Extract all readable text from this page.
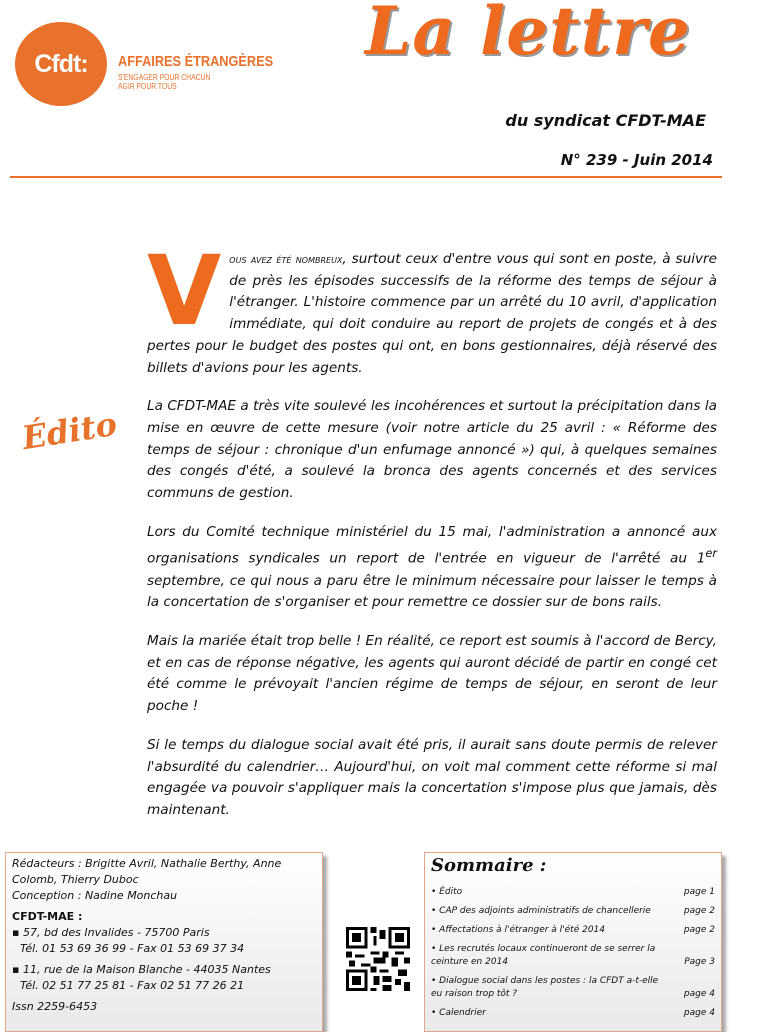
Cfdt: AFFAIRES ÉTRANGÈRES
S'ENGAGER POUR CHACUN
AGIR POUR TOUS
La lettre
du syndicat CFDT-MAE
N° 239 - Juin 2014
Édito

Vous avez été nombreux, surtout ceux d'entre vous qui sont en poste, à suivre de près les épisodes successifs de la réforme des temps de séjour à l'étranger. L'histoire commence par un arrêté du 10 avril, d'application immédiate, qui doit conduire au report de projets de congés et à des pertes pour le budget des postes qui ont, en bons gestionnaires, déjà réservé des billets d'avions pour les agents.

La CFDT-MAE a très vite soulevé les incohérences et surtout la précipitation dans la mise en œuvre de cette mesure (voir notre article du 25 avril : « Réforme des temps de séjour : chronique d'un enfumage annoncé ») qui, à quelques semaines des congés d'été, a soulevé la bronca des agents concernés et des services communs de gestion.

Lors du Comité technique ministériel du 15 mai, l'administration a annoncé aux organisations syndicales un report de l'entrée en vigueur de l'arrêté au 1er septembre, ce qui nous a paru être le minimum nécessaire pour laisser le temps à la concertation de s'organiser et pour remettre ce dossier sur de bons rails.

Mais la mariée était trop belle ! En réalité, ce report est soumis à l'accord de Bercy, et en cas de réponse négative, les agents qui auront décidé de partir en congé cet été comme le prévoyait l'ancien régime de temps de séjour, en seront de leur poche !

Si le temps du dialogue social avait été pris, il aurait sans doute permis de relever l'absurdité du calendrier… Aujourd'hui, on voit mal comment cette réforme si mal engagée va pouvoir s'appliquer mais la concertation s'impose plus que jamais, dès maintenant.

Rédacteurs : Brigitte Avril, Nathalie Berthy, Anne Colomb, Thierry Duboc
Conception : Nadine Monchau
CFDT-MAE :
▪ 57, bd des Invalides - 75700 Paris
Tél. 01 53 69 36 99 - Fax 01 53 69 37 34
▪ 11, rue de la Maison Blanche - 44035 Nantes
Tél. 02 51 77 25 81 - Fax 02 51 77 26 21
Issn 2259-6453
Sommaire :
• Édito	page 1
• CAP des adjoints administratifs de chancellerie	page 2
• Affectations à l'étranger à l'été 2014	page 2
• Les recrutés locaux continueront de se serrer la ceinture en 2014	Page 3
• Dialogue social dans les postes : la CFDT a-t-elle eu raison trop tôt ?	page 4
• Calendrier	page 4
